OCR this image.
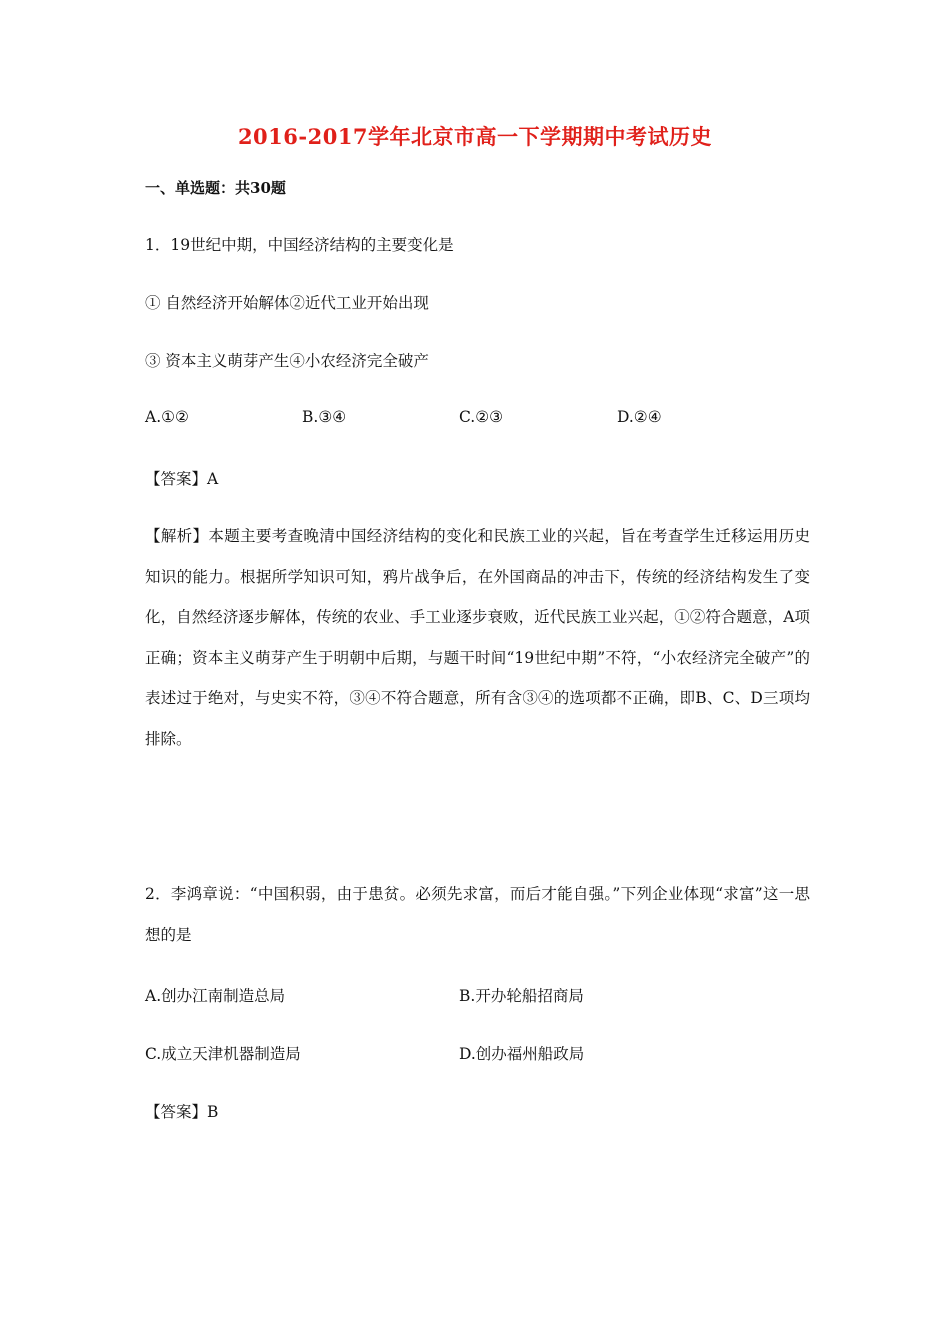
2016-2017学年北京市高一下学期期中考试历史

一、单选题：共30题

1．19世纪中期，中国经济结构的主要变化是

① 自然经济开始解体②近代工业开始出现

③ 资本主义萌芽产生④小农经济完全破产

A.①②	B.③④	C.②③	D.②④

【答案】A

【解析】本题主要考查晚清中国经济结构的变化和民族工业的兴起，旨在考查学生迁移运用历史知识的能力。根据所学知识可知，鸦片战争后，在外国商品的冲击下，传统的经济结构发生了变化，自然经济逐步解体，传统的农业、手工业逐步衰败，近代民族工业兴起，①②符合题意，A项正确；资本主义萌芽产生于明朝中后期，与题干时间“19世纪中期”不符，“小农经济完全破产”的表述过于绝对，与史实不符，③④不符合题意，所有含③④的选项都不正确，即B、C、D三项均排除。

2．李鸿章说：“中国积弱，由于患贫。必须先求富，而后才能自强。”下列企业体现“求富”这一思想的是

A.创办江南制造总局	B.开办轮船招商局

C.成立天津机器制造局	D.创办福州船政局

【答案】B
